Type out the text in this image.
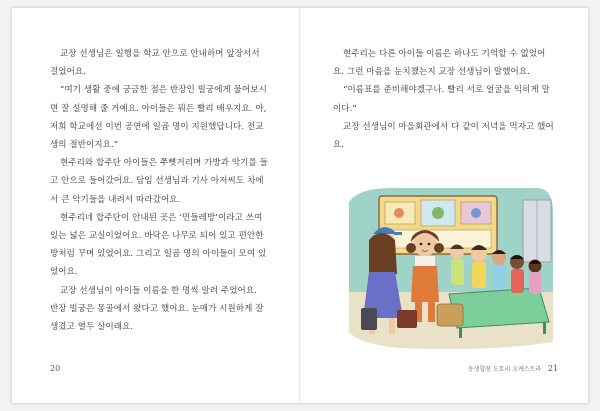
교장 선생님은 일행을 학교 안으로 안내하며 앞장서서 걸었어요.

“여기 생활 중에 궁금한 점은 반장인 빌궁에게 물어보시면 잘 설명해 줄 거예요. 아이들은 뭐든 빨리 배우지요. 아, 저희 학교에선 이번 공연에 일곱 명이 지원했답니다. 전교생의 절반이지요.”

현주리와 합주단 아이들은 쭈뼛거리며 가방과 악기를 들고 안으로 들어갔어요. 담임 선생님과 기사 아저씨도 차에서 큰 악기들을 내려서 따라갔어요.

현주리네 합주단이 안내된 곳은 ‘민들레방’이라고 쓰여 있는 넓은 교실이었어요. 바닥은 나무로 되어 있고 편안한 방처럼 꾸며 있었어요. 그리고 일곱 명의 아이들이 모여 있었어요.

교장 선생님이 아이들 이름을 한 명씩 알려 주었어요. 반장 빌궁은 몽골에서 왔다고 했어요. 눈매가 시원하게 잘생겼고 열두 살이래요.

20

현주리는 다른 아이들 이름은 하나도 기억할 수 없었어요. 그런 마음을 눈치챘는지 교장 선생님이 말했어요.

“이름표를 준비해야겠구나. 빨리 서로 얼굴을 익히게 말이다.”

교장 선생님이 마을회관에서 다 같이 저녁을 먹자고 했어요.

동생합창 도토리 오케스트라 21
